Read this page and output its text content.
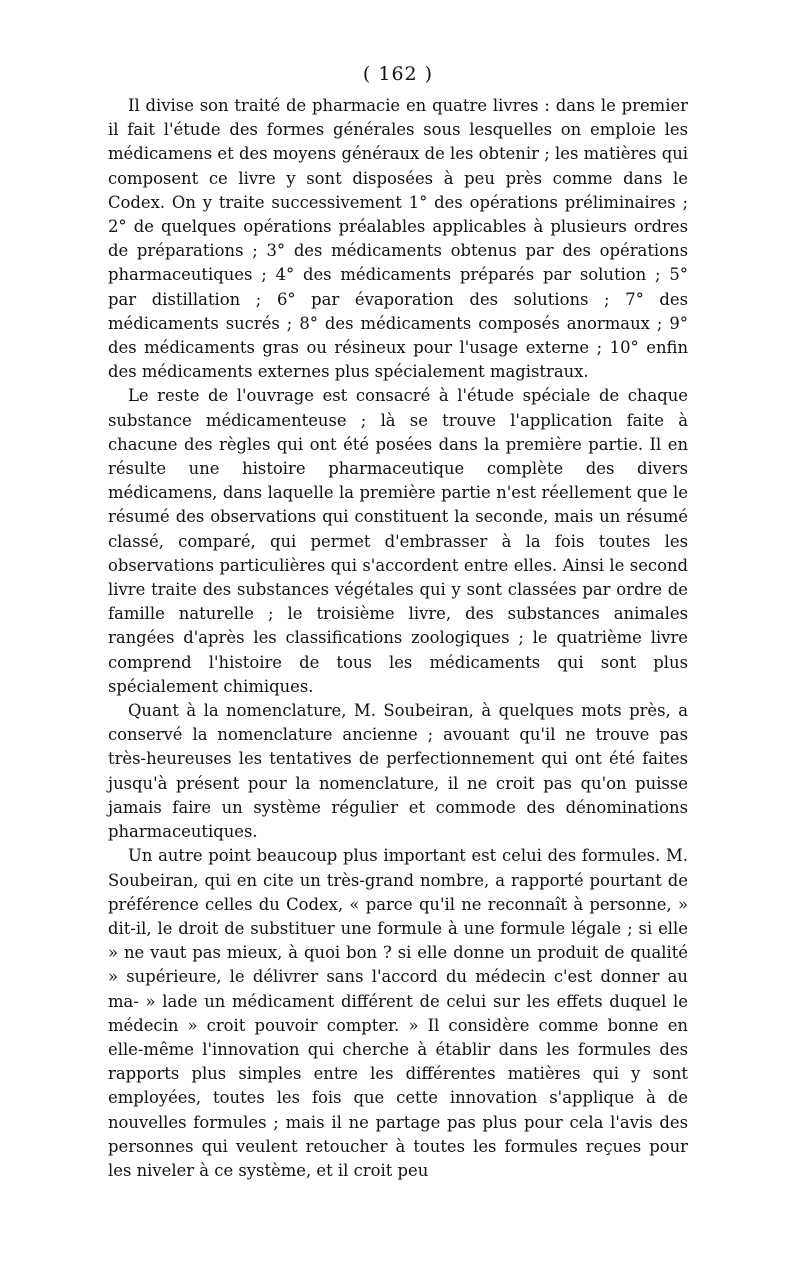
( 162 )

Il divise son traité de pharmacie en quatre livres : dans le premier il fait l'étude des formes générales sous lesquelles on emploie les médicamens et des moyens généraux de les obtenir ; les matières qui composent ce livre y sont disposées à peu près comme dans le Codex. On y traite successivement 1° des opérations préliminaires ; 2° de quelques opérations préalables applicables à plusieurs ordres de préparations ; 3° des médicaments obtenus par des opérations pharmaceutiques ; 4° des médicaments préparés par solution ; 5° par distillation ; 6° par évaporation des solutions ; 7° des médicaments sucrés ; 8° des médicaments composés anormaux ; 9° des médicaments gras ou résineux pour l'usage externe ; 10° enfin des médicaments externes plus spécialement magistraux.

Le reste de l'ouvrage est consacré à l'étude spéciale de chaque substance médicamenteuse ; là se trouve l'application faite à chacune des règles qui ont été posées dans la première partie. Il en résulte une histoire pharmaceutique complète des divers médicamens, dans laquelle la première partie n'est réellement que le résumé des observations qui constituent la seconde, mais un résumé classé, comparé, qui permet d'embrasser à la fois toutes les observations particulières qui s'accordent entre elles. Ainsi le second livre traite des substances végétales qui y sont classées par ordre de famille naturelle ; le troisième livre, des substances animales rangées d'après les classifications zoologiques ; le quatrième livre comprend l'histoire de tous les médicaments qui sont plus spécialement chimiques.

Quant à la nomenclature, M. Soubeiran, à quelques mots près, a conservé la nomenclature ancienne ; avouant qu'il ne trouve pas très-heureuses les tentatives de perfectionnement qui ont été faites jusqu'à présent pour la nomenclature, il ne croit pas qu'on puisse jamais faire un système régulier et commode des dénominations pharmaceutiques.

Un autre point beaucoup plus important est celui des formules. M. Soubeiran, qui en cite un très-grand nombre, a rapporté pourtant de préférence celles du Codex, « parce qu'il ne reconnaît à personne, » dit-il, le droit de substituer une formule à une formule légale ; si elle » ne vaut pas mieux, à quoi bon ? si elle donne un produit de qualité » supérieure, le délivrer sans l'accord du médecin c'est donner au ma- » lade un médicament différent de celui sur les effets duquel le médecin » croit pouvoir compter. » Il considère comme bonne en elle-même l'innovation qui cherche à établir dans les formules des rapports plus simples entre les différentes matières qui y sont employées, toutes les fois que cette innovation s'applique à de nouvelles formules ; mais il ne partage pas plus pour cela l'avis des personnes qui veulent retoucher à toutes les formules reçues pour les niveler à ce système, et il croit peu
